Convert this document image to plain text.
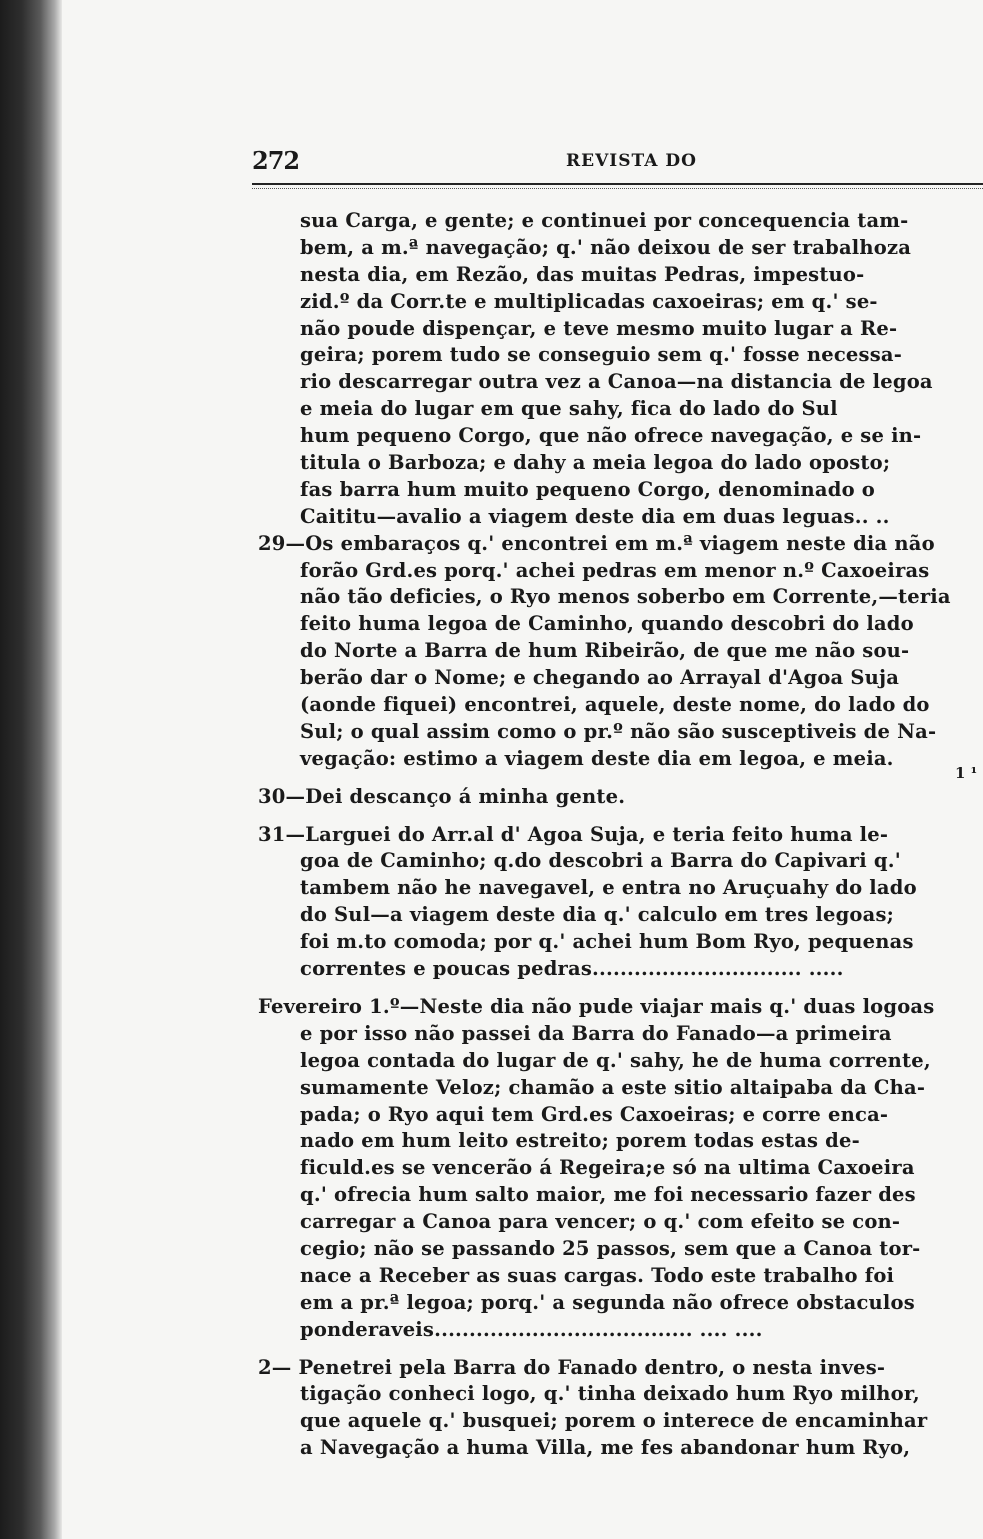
272	REVISTA DO
1 ¹
sua Carga, e gente; e continuei por concequencia tam-
bem, a m.ª navegação; q.' não deixou de ser trabalhoza
nesta dia, em Rezão, das muitas Pedras, impestuo-
zid.º da Corr.te e multiplicadas caxoeiras; em q.' se-
não poude dispençar, e teve mesmo muito lugar a Re-
geira; porem tudo se conseguio sem q.' fosse necessa-
rio descarregar outra vez a Canoa—na distancia de legoa
e meia do lugar em que sahy, fica do lado do Sul
hum pequeno Corgo, que não ofrece navegação, e se in-
titula o Barboza; e dahy a meia legoa do lado oposto;
fas barra hum muito pequeno Corgo, denominado o
Caititu—avalio a viagem deste dia em duas leguas.. ..
29—Os embaraços q.' encontrei em m.ª viagem neste dia não
forão Grd.es porq.' achei pedras em menor n.º Caxoeiras
não tão deficies, o Ryo menos soberbo em Corrente,—teria
feito huma legoa de Caminho, quando descobri do lado
do Norte a Barra de hum Ribeirão, de que me não sou-
berão dar o Nome; e chegando ao Arrayal d'Agoa Suja
(aonde fiquei) encontrei, aquele, deste nome, do lado do
Sul; o qual assim como o pr.º não são susceptiveis de Na-
vegação: estimo a viagem deste dia em legoa, e meia.
30—Dei descanço á minha gente.
31—Larguei do Arr.al d' Agoa Suja, e teria feito huma le-
goa de Caminho; q.do descobri a Barra do Capivari q.'
tambem não he navegavel, e entra no Aruçuahy do lado
do Sul—a viagem deste dia q.' calculo em tres legoas;
foi m.to comoda; por q.' achei hum Bom Ryo, pequenas
correntes e poucas pedras.............................. .....
Fevereiro 1.º—Neste dia não pude viajar mais q.' duas logoas
e por isso não passei da Barra do Fanado—a primeira
legoa contada do lugar de q.' sahy, he de huma corrente,
sumamente Veloz; chamão a este sitio altaipaba da Cha-
pada; o Ryo aqui tem Grd.es Caxoeiras; e corre enca-
nado em hum leito estreito; porem todas estas de-
ficuld.es se vencerão á Regeira;e só na ultima Caxoeira
q.' ofrecia hum salto maior, me foi necessario fazer des
carregar a Canoa para vencer; o q.' com efeito se con-
cegio; não se passando 25 passos, sem que a Canoa tor-
nace a Receber as suas cargas. Todo este trabalho foi
em a pr.ª legoa; porq.' a segunda não ofrece obstaculos
ponderaveis..................................... .... ....
2— Penetrei pela Barra do Fanado dentro, o nesta inves-
tigação conheci logo, q.' tinha deixado hum Ryo milhor,
que aquele q.' busquei; porem o interece de encaminhar
a Navegação a huma Villa, me fes abandonar hum Ryo,
